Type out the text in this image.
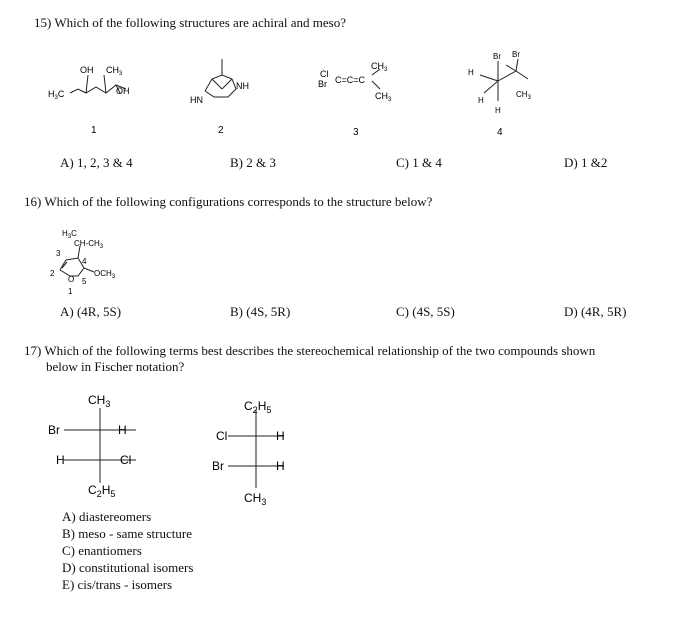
15) Which of the following structures are achiral and meso?
OH $CH_3$
$H_3C$	OH	NH
HN
Cl
Br C=C=C
$CH_3$
$CH_3$
Br Br
H
H
H
$CH_3$
1	2	3	4
A) 1, 2, 3 & 4	B) 2 & 3	C) 1 & 4	D) 1 &2
16) Which of the following configurations corresponds to the structure below?
$H_3C$
$CH-CH_3$
3
4
2
O 5
$OCH_3$
1
A) (4R, 5S)	B) (4S, 5R)	C) (4S, 5S)	D) (4R, 5R)
17) Which of the following terms best describes the stereochemical relationship of the two compounds shown
below in Fischer notation?
$CH_3$
Br	H
H	Cl
$C_2H_5$
$C_2H_5$
Cl	H
Br	H
$CH_3$
A) diastereomers
B) meso - same structure
C) enantiomers
D) constitutional isomers
E) cis/trans - isomers
